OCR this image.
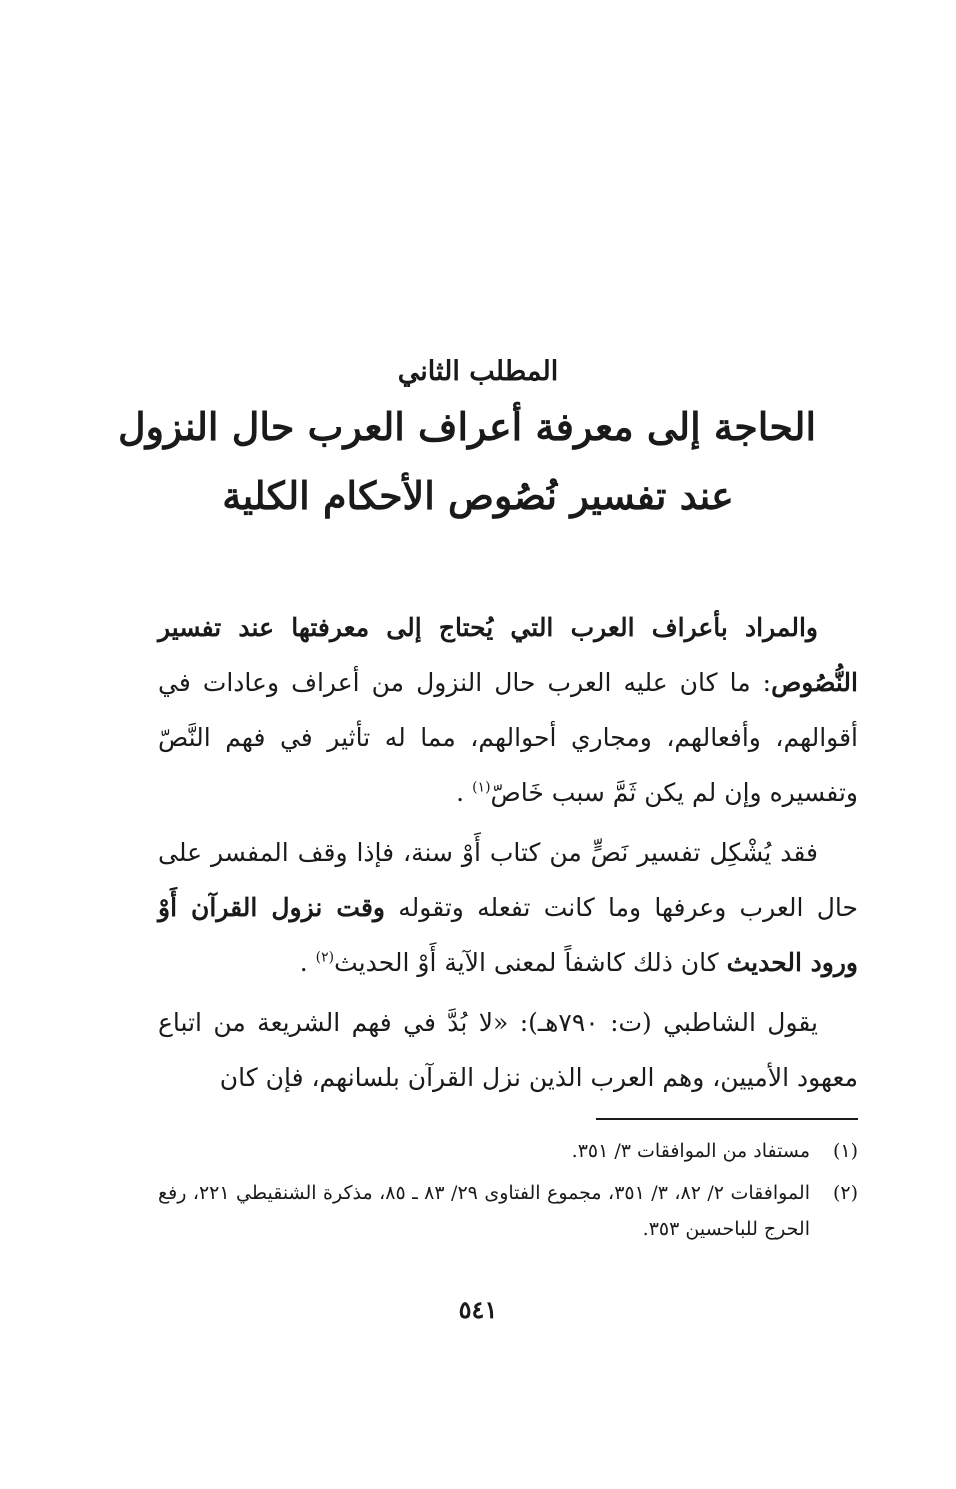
المطلب الثاني
الحاجة إلى معرفة أعراف العرب حال النزول
عند تفسير نُصُوص الأحكام الكلية

والمراد بأعراف العرب التي يُحتاج إلى معرفتها عند تفسير النُّصُوص: ما كان عليه العرب حال النزول من أعراف وعادات في أقوالهم، وأفعالهم، ومجاري أحوالهم، مما له تأثير في فهم النَّصّ وتفسيره وإن لم يكن ثَمَّ سبب خَاصّ$^{(١)}$ .

فقد يُشْكِل تفسير نَصٍّ من كتاب أَوْ سنة، فإذا وقف المفسر على حال العرب وعرفها وما كانت تفعله وتقوله وقت نزول القرآن أَوْ ورود الحديث كان ذلك كاشفاً لمعنى الآية أَوْ الحديث$^{(٢)}$ .

يقول الشاطبي (ت: ٧٩٠هـ): «لا بُدَّ في فهم الشريعة من اتباع معهود الأميين، وهم العرب الذين نزل القرآن بلسانهم، فإن كان

(١)
مستفاد من الموافقات ٣/ ٣٥١.
(٢)
الموافقات ٢/ ٨٢، ٣/ ٣٥١، مجموع الفتاوى ٢٩/ ٨٣ ـ ٨٥، مذكرة الشنقيطي ٢٢١، رفع الحرج للباحسين ٣٥٣.
٥٤١
